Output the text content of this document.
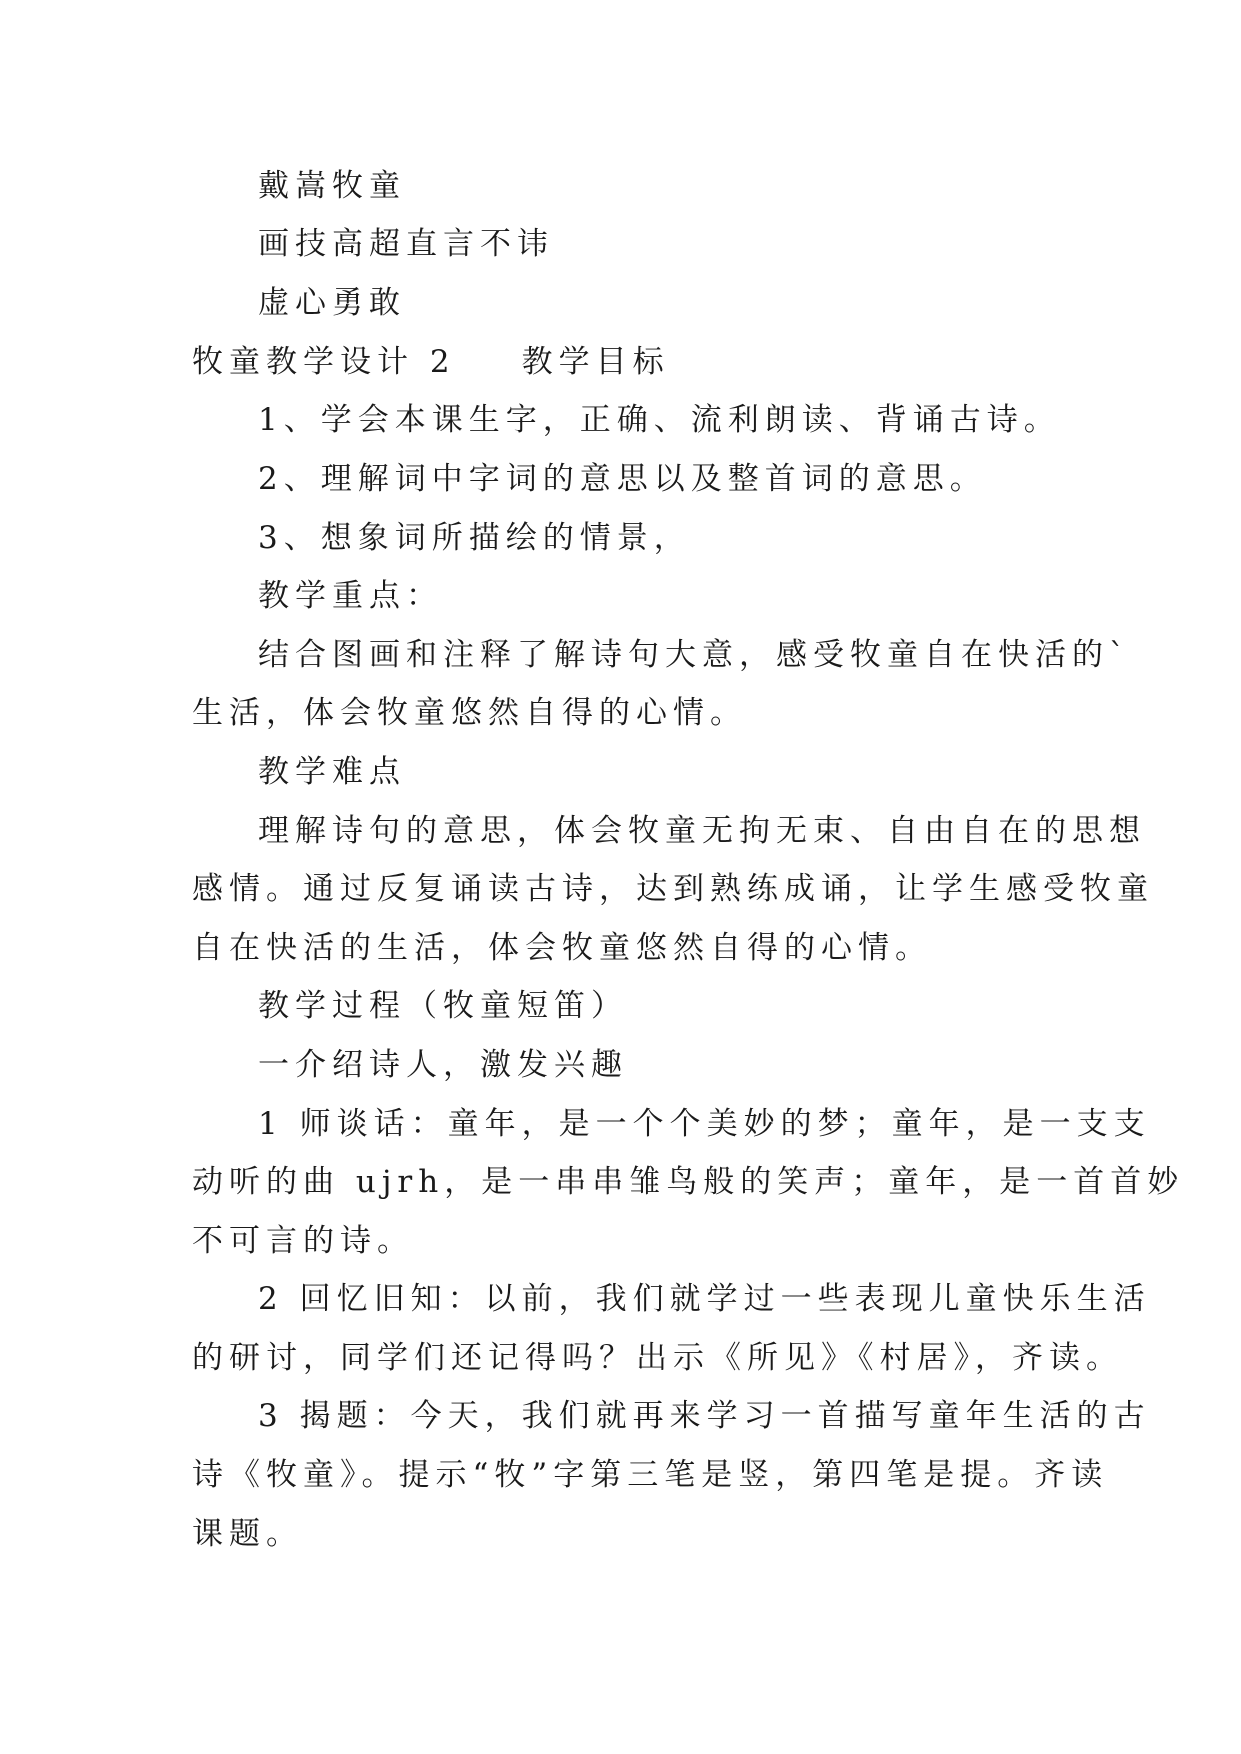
戴嵩牧童
画技高超直言不讳
虚心勇敢
牧童教学设计 2 教学目标
1、学会本课生字，正确、流利朗读、背诵古诗。
2、理解词中字词的意思以及整首词的意思。
3、想象词所描绘的情景，
教学重点：
结合图画和注释了解诗句大意，感受牧童自在快活的`
生活，体会牧童悠然自得的心情。
教学难点
理解诗句的意思，体会牧童无拘无束、自由自在的思想
感情。通过反复诵读古诗，达到熟练成诵，让学生感受牧童
自在快活的生活，体会牧童悠然自得的心情。
教学过程（牧童短笛）
一介绍诗人，激发兴趣
1 师谈话：童年，是一个个美妙的梦；童年，是一支支
动听的曲 ujrh，是一串串雏鸟般的笑声；童年，是一首首妙
不可言的诗。
2 回忆旧知：以前，我们就学过一些表现儿童快乐生活
的研讨，同学们还记得吗？出示《所见》《村居》，齐读。
3 揭题：今天，我们就再来学习一首描写童年生活的古
诗《牧童》。提示“牧”字第三笔是竖，第四笔是提。齐读
课题。
